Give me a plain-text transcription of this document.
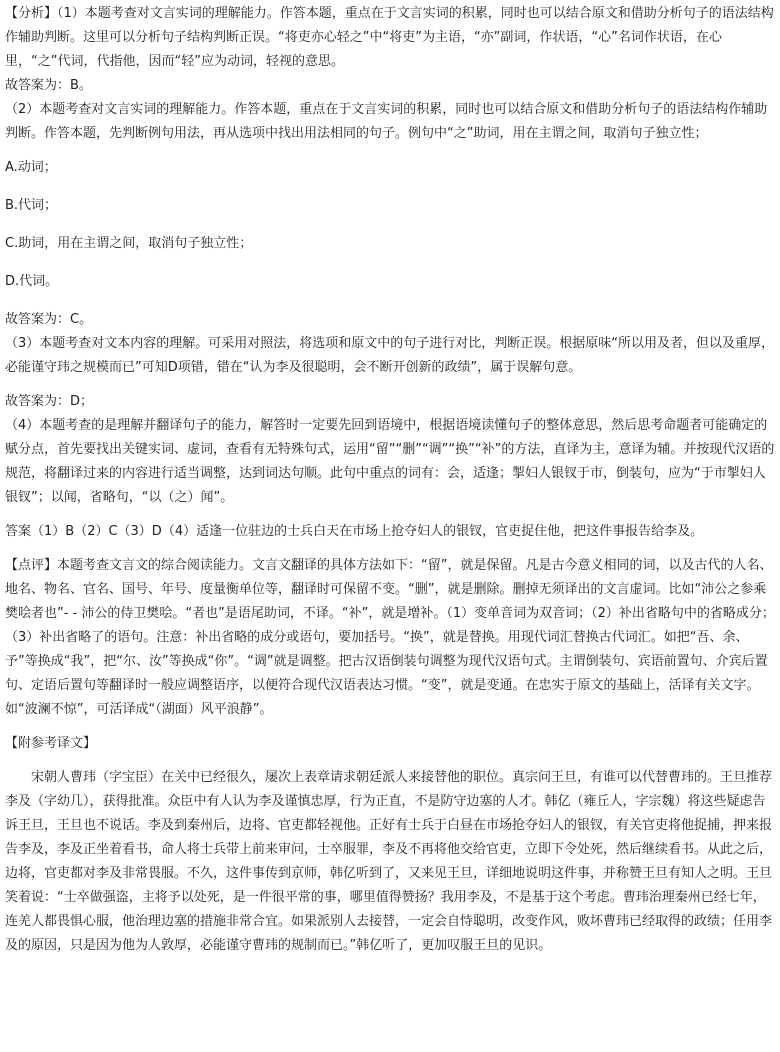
【分析】（1）本题考查对文言实词的理解能力。作答本题，重点在于文言实词的积累，同时也可以结合原文和借助分析句子的语法结构作辅助判断。这里可以分析句子结构判断正误。“将吏亦心轻之”中“将吏”为主语，“亦”副词，作状语，“心”名词作状语，在心里，“之”代词，代指他，因而“轻”应为动词，轻视的意思。

故答案为：B。

（2）本题考查对文言实词的理解能力。作答本题，重点在于文言实词的积累，同时也可以结合原文和借助分析句子的语法结构作辅助判断。作答本题，先判断例句用法，再从选项中找出用法相同的句子。例句中“之”助词，用在主谓之间，取消句子独立性；

A.动词；

B.代词；

C.助词，用在主谓之间，取消句子独立性；

D.代词。

故答案为：C。

（3）本题考查对文本内容的理解。可采用对照法，将选项和原文中的句子进行对比，判断正误。根据原味“所以用及者，但以及重厚，必能谨守玮之规模而已”可知D项错，错在“认为李及很聪明，会不断开创新的政绩”，属于误解句意。

故答案为：D；

（4）本题考查的是理解并翻译句子的能力，解答时一定要先回到语境中，根据语境读懂句子的整体意思，然后思考命题者可能确定的赋分点，首先要找出关键实词、虚词，查看有无特殊句式，运用“留”“删”“调”“换”“补”的方法，直译为主，意译为辅。并按现代汉语的规范，将翻译过来的内容进行适当调整，达到词达句顺。此句中重点的词有：会，适逢；掣妇人银钗于市，倒装句，应为“于市掣妇人银钗”；以闻，省略句，“以（之）闻”。

答案（1）B（2）C（3）D（4）适逢一位驻边的士兵白天在市场上抢夺妇人的银钗，官吏捉住他，把这件事报告给李及。

【点评】本题考查文言文的综合阅读能力。文言文翻译的具体方法如下：“留”，就是保留。凡是古今意义相同的词，以及古代的人名、地名、物名、官名、国号、年号、度量衡单位等，翻译时可保留不变。“删”，就是删除。删掉无须译出的文言虚词。比如“沛公之参乘樊哙者也”- - 沛公的侍卫樊哙。“者也”是语尾助词，不译。“补”，就是增补。（1）变单音词为双音词；（2）补出省略句中的省略成分；（3）补出省略了的语句。注意：补出省略的成分或语句，要加括号。“换”，就是替换。用现代词汇替换古代词汇。如把“吾、余、予”等换成“我”，把“尔、汝”等换成“你”。“调”就是调整。把古汉语倒装句调整为现代汉语句式。主谓倒装句、宾语前置句、介宾后置句、定语后置句等翻译时一般应调整语序，以便符合现代汉语表达习惯。“变”，就是变通。在忠实于原文的基础上，活译有关文字。如“波澜不惊”，可活译成“（湖面）风平浪静”。

【附参考译文】

宋朝人曹玮（字宝臣）在关中已经很久，屡次上表章请求朝廷派人来接替他的职位。真宗问王旦，有谁可以代替曹玮的。王旦推荐李及（字幼几），获得批准。众臣中有人认为李及谨慎忠厚，行为正直，不是防守边塞的人才。韩亿（雍丘人，字宗魏）将这些疑虑告诉王旦，王旦也不说话。李及到秦州后，边将、官吏都轻视他。正好有士兵于白昼在市场抢夺妇人的银钗，有关官吏将他捉捕，押来报告李及，李及正坐着看书，命人将士兵带上前来审问，士卒服罪，李及不再将他交给官吏，立即下令处死，然后继续看书。从此之后，边将，官吏都对李及非常畏服。不久，这件事传到京师，韩亿听到了，又来见王旦，详细地说明这件事，并称赞王旦有知人之明。王旦笑着说：“士卒做强盗，主将予以处死，是一件很平常的事，哪里值得赞扬？我用李及，不是基于这个考虑。曹玮治理秦州已经七年，连羌人都畏惧心服，他治理边塞的措施非常合宜。如果派别人去接替，一定会自恃聪明，改变作风，败坏曹玮已经取得的政绩；任用李及的原因，只是因为他为人敦厚，必能谨守曹玮的规制而已。”韩亿听了，更加叹服王旦的见识。
